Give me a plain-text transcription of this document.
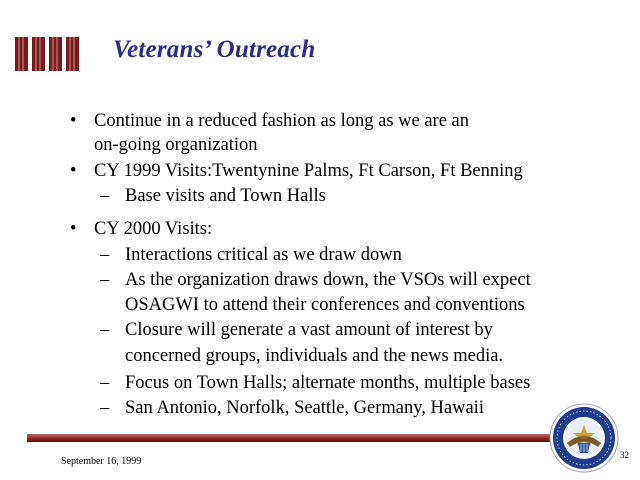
Veterans’ Outreach
• Continue in a reduced fashion as long as we are an
on-going organization
• CY 1999 Visits:Twentynine Palms, Ft Carson, Ft Benning
– Base visits and Town Halls
• CY 2000 Visits:
– Interactions critical as we draw down
– As the organization draws down, the VSOs will expect
OSAGWI to attend their conferences and conventions
– Closure will generate a vast amount of interest by
concerned groups, individuals and the news media.
– Focus on Town Halls; alternate months, multiple bases
– San Antonio, Norfolk, Seattle, Germany, Hawaii
September 16, 1999
32
